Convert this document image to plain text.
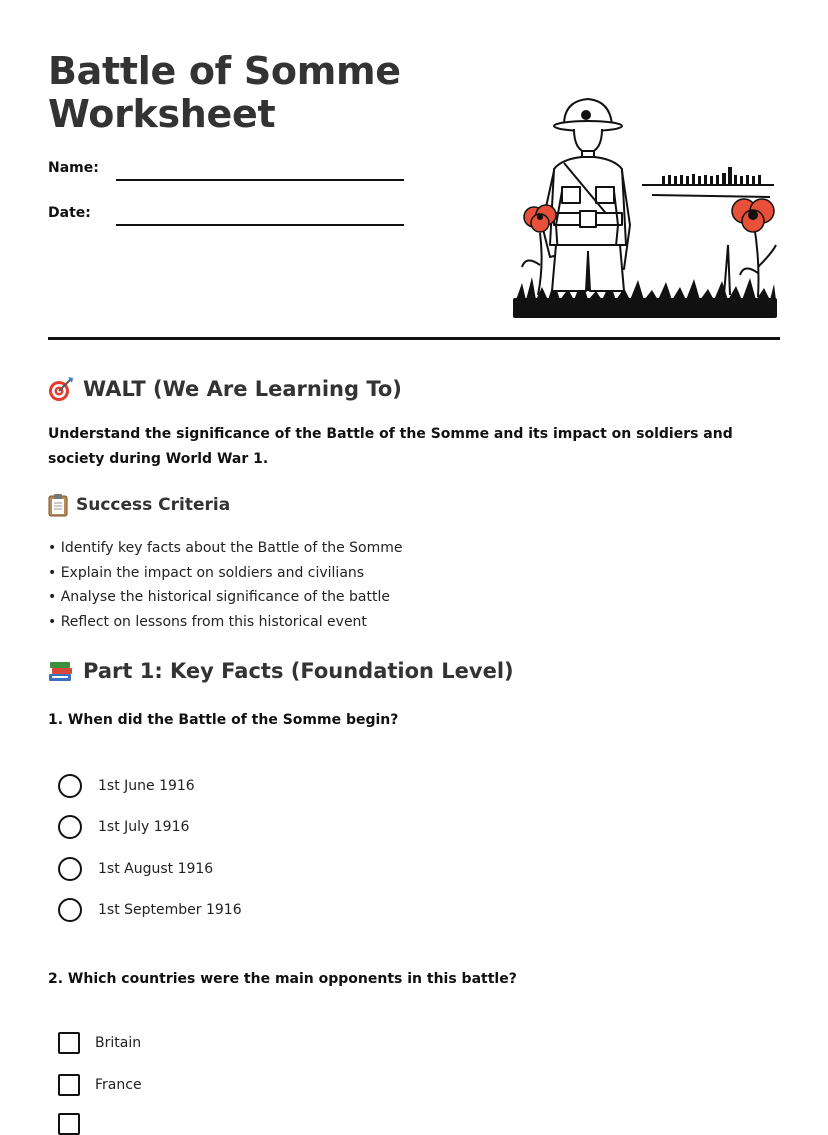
Battle of Somme Worksheet
Name:
Date:
WALT (We Are Learning To)
Understand the significance of the Battle of the Somme and its impact on soldiers and society during World War 1.
Success Criteria
• Identify key facts about the Battle of the Somme
• Explain the impact on soldiers and civilians
• Analyse the historical significance of the battle
• Reflect on lessons from this historical event
Part 1: Key Facts (Foundation Level)
1. When did the Battle of the Somme begin?
1st June 1916
1st July 1916
1st August 1916
1st September 1916
2. Which countries were the main opponents in this battle?
Britain
France
